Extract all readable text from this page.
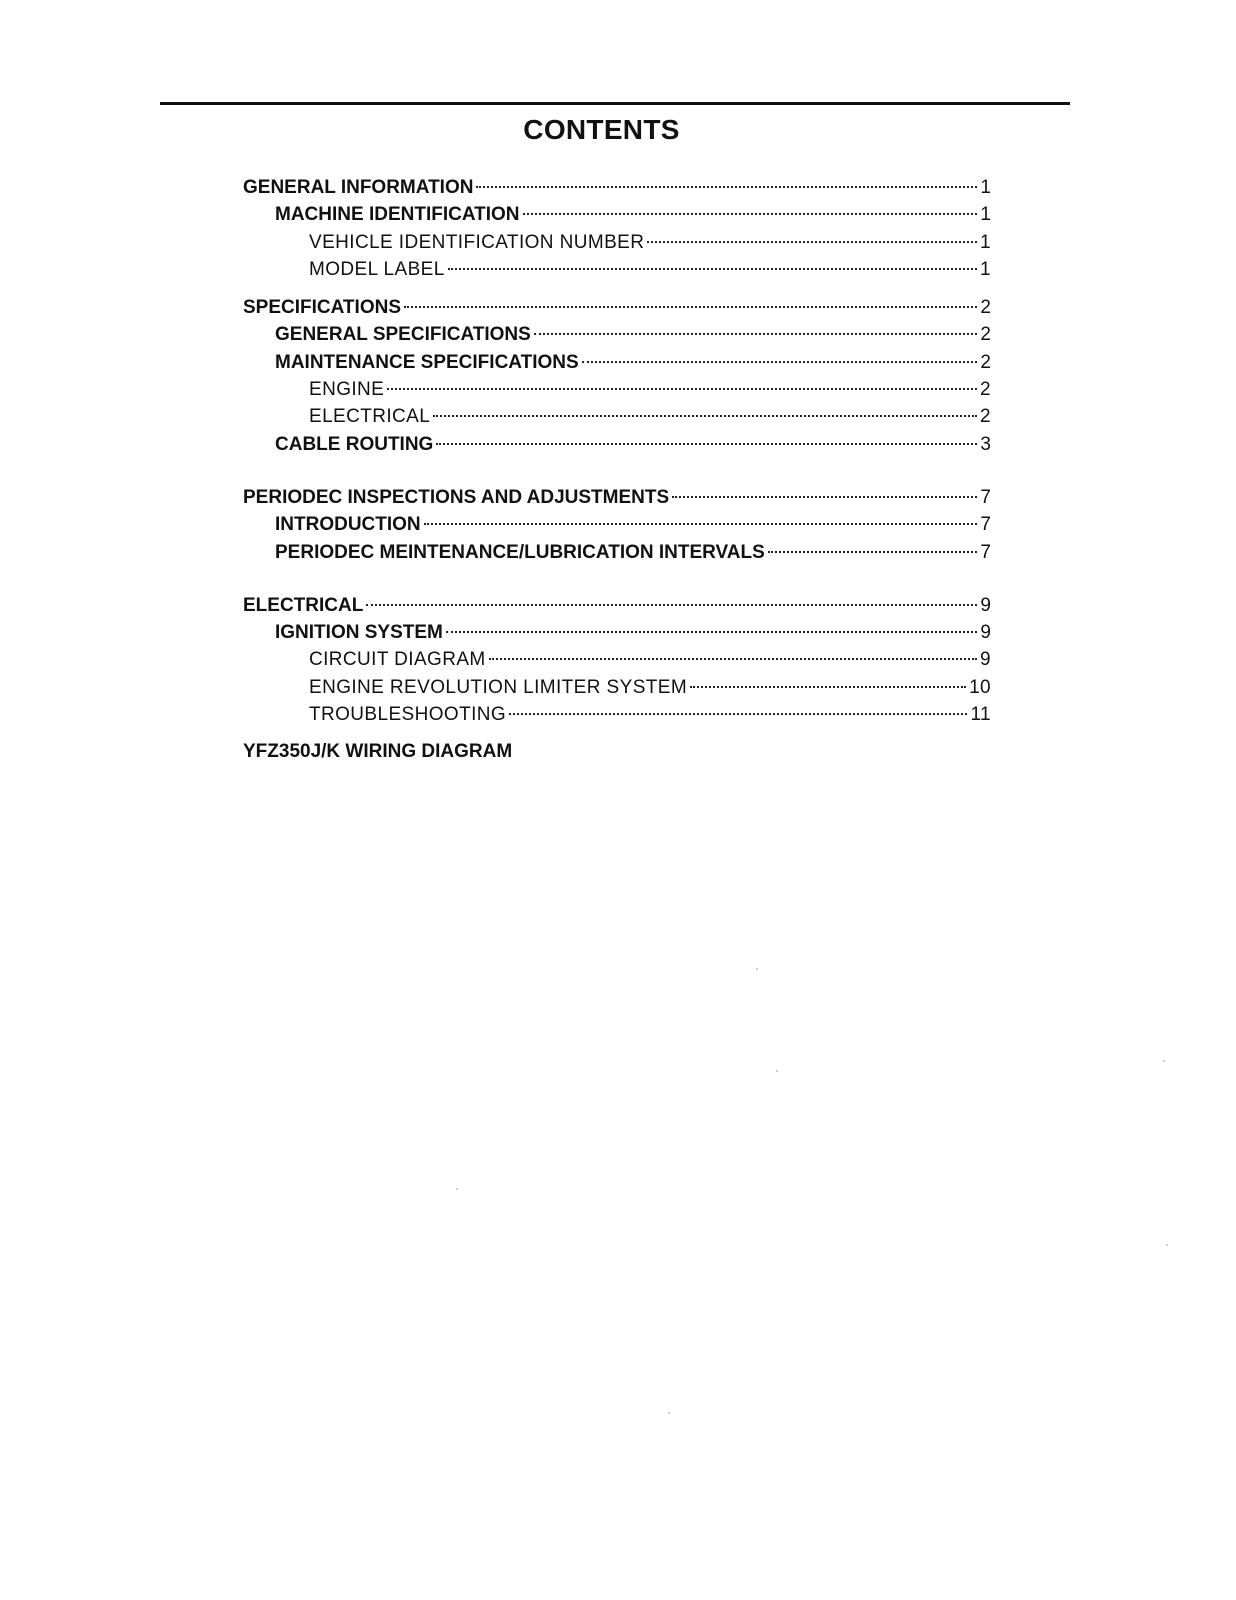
CONTENTS
GENERAL INFORMATION	1
MACHINE IDENTIFICATION	1
VEHICLE IDENTIFICATION NUMBER	1
MODEL LABEL	1
SPECIFICATIONS	2
GENERAL SPECIFICATIONS	2
MAINTENANCE SPECIFICATIONS	2
ENGINE	2
ELECTRICAL	2
CABLE ROUTING	3
PERIODEC INSPECTIONS AND ADJUSTMENTS	7
INTRODUCTION	7
PERIODEC MEINTENANCE/LUBRICATION INTERVALS	7
ELECTRICAL	9
IGNITION SYSTEM	9
CIRCUIT DIAGRAM	9
ENGINE REVOLUTION LIMITER SYSTEM	10
TROUBLESHOOTING	11
YFZ350J/K WIRING DIAGRAM
